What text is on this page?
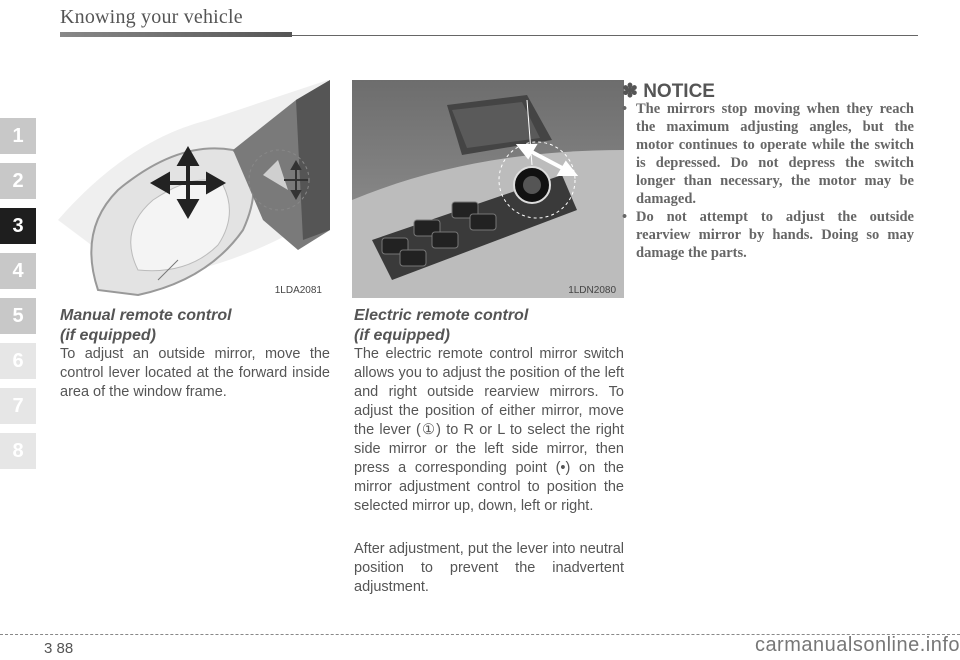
Knowing your vehicle
1
2
3
4
5
6
7
8
1LDA2081	1LDN2080
Manual remote control
(if equipped)
To adjust an outside mirror, move the control lever located at the forward inside area of the window frame.
Electric remote control
(if equipped)
The electric remote control mirror switch allows you to adjust the position of the left and right outside rearview mirrors. To adjust the position of either mirror, move the lever (①) to R or L to select the right side mirror or the left side mirror, then press a corresponding point (•) on the mirror adjustment control to position the selected mirror up, down, left or right.
After adjustment, put the lever into neutral position to prevent the inadvertent adjustment.
✽ NOTICE
• The mirrors stop moving when they reach the maximum adjusting angles, but the motor continues to operate while the switch is depressed. Do not depress the switch longer than necessary, the motor may be damaged.
• Do not attempt to adjust the outside rearview mirror by hands. Doing so may damage the parts.
3 88	carmanualsonline.info
